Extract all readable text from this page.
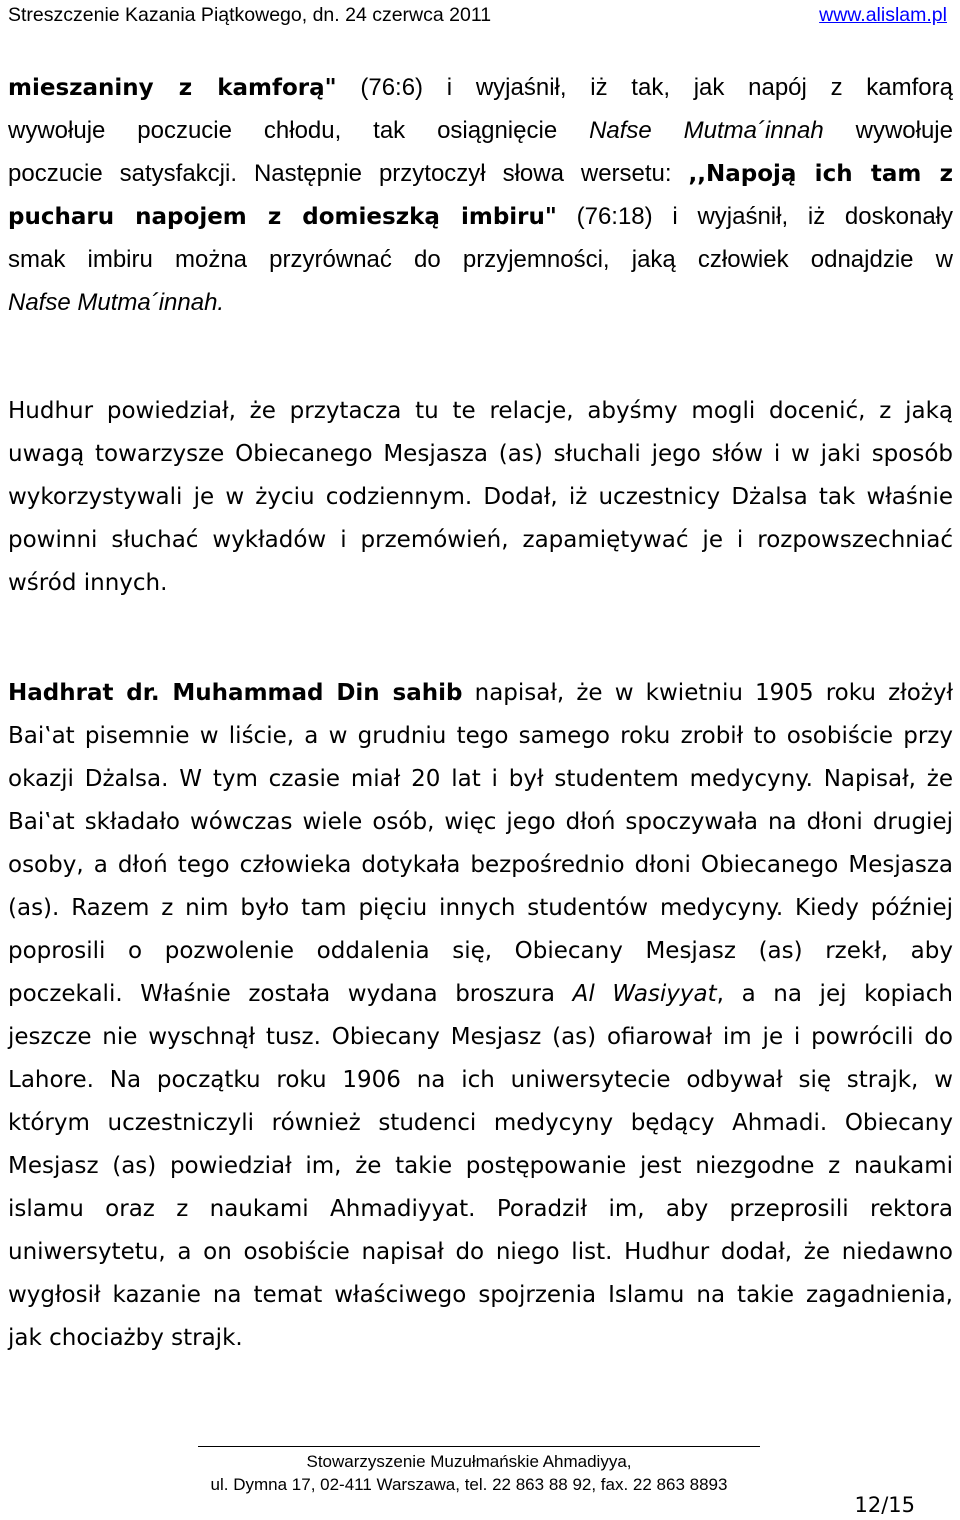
Streszczenie Kazania Piątkowego, dn. 24 czerwca 2011	www.alislam.pl
mieszaniny z kamforą" (76:6) i wyjaśnił, iż tak, jak napój z kamforą
wywołuje poczucie chłodu, tak osiągnięcie Nafse Mutma´innah wywołuje
poczucie satysfakcji. Następnie przytoczył słowa wersetu: ,,Napoją ich tam z
pucharu napojem z domieszką imbiru" (76:18) i wyjaśnił, iż doskonały
smak imbiru można przyrównać do przyjemności, jaką człowiek odnajdzie w
Nafse Mutma´innah.
Hudhur powiedział, że przytacza tu te relacje, abyśmy mogli docenić, z jaką
uwagą towarzysze Obiecanego Mesjasza (as) słuchali jego słów i w jaki sposób
wykorzystywali je w życiu codziennym. Dodał, iż uczestnicy Dżalsa tak właśnie
powinni słuchać wykładów i przemówień, zapamiętywać je i rozpowszechniać
wśród innych.
Hadhrat dr. Muhammad Din sahib napisał, że w kwietniu 1905 roku złożył
Bai‛at pisemnie w liście, a w grudniu tego samego roku zrobił to osobiście przy
okazji Dżalsa. W tym czasie miał 20 lat i był studentem medycyny. Napisał, że
Bai‛at składało wówczas wiele osób, więc jego dłoń spoczywała na dłoni drugiej
osoby, a dłoń tego człowieka dotykała bezpośrednio dłoni Obiecanego Mesjasza
(as). Razem z nim było tam pięciu innych studentów medycyny. Kiedy później
poprosili o pozwolenie oddalenia się, Obiecany Mesjasz (as) rzekł, aby
poczekali. Właśnie została wydana broszura Al Wasiyyat, a na jej kopiach
jeszcze nie wyschnął tusz. Obiecany Mesjasz (as) ofiarował im je i powrócili do
Lahore. Na początku roku 1906 na ich uniwersytecie odbywał się strajk, w
którym uczestniczyli również studenci medycyny będący Ahmadi. Obiecany
Mesjasz (as) powiedział im, że takie postępowanie jest niezgodne z naukami
islamu oraz z naukami Ahmadiyyat. Poradził im, aby przeprosili rektora
uniwersytetu, a on osobiście napisał do niego list. Hudhur dodał, że niedawno
wygłosił kazanie na temat właściwego spojrzenia Islamu na takie zagadnienia,
jak chociażby strajk.
Stowarzyszenie Muzułmańskie Ahmadiyya,
ul. Dymna 17, 02-411 Warszawa, tel. 22 863 88 92, fax. 22 863 8893
12/15
